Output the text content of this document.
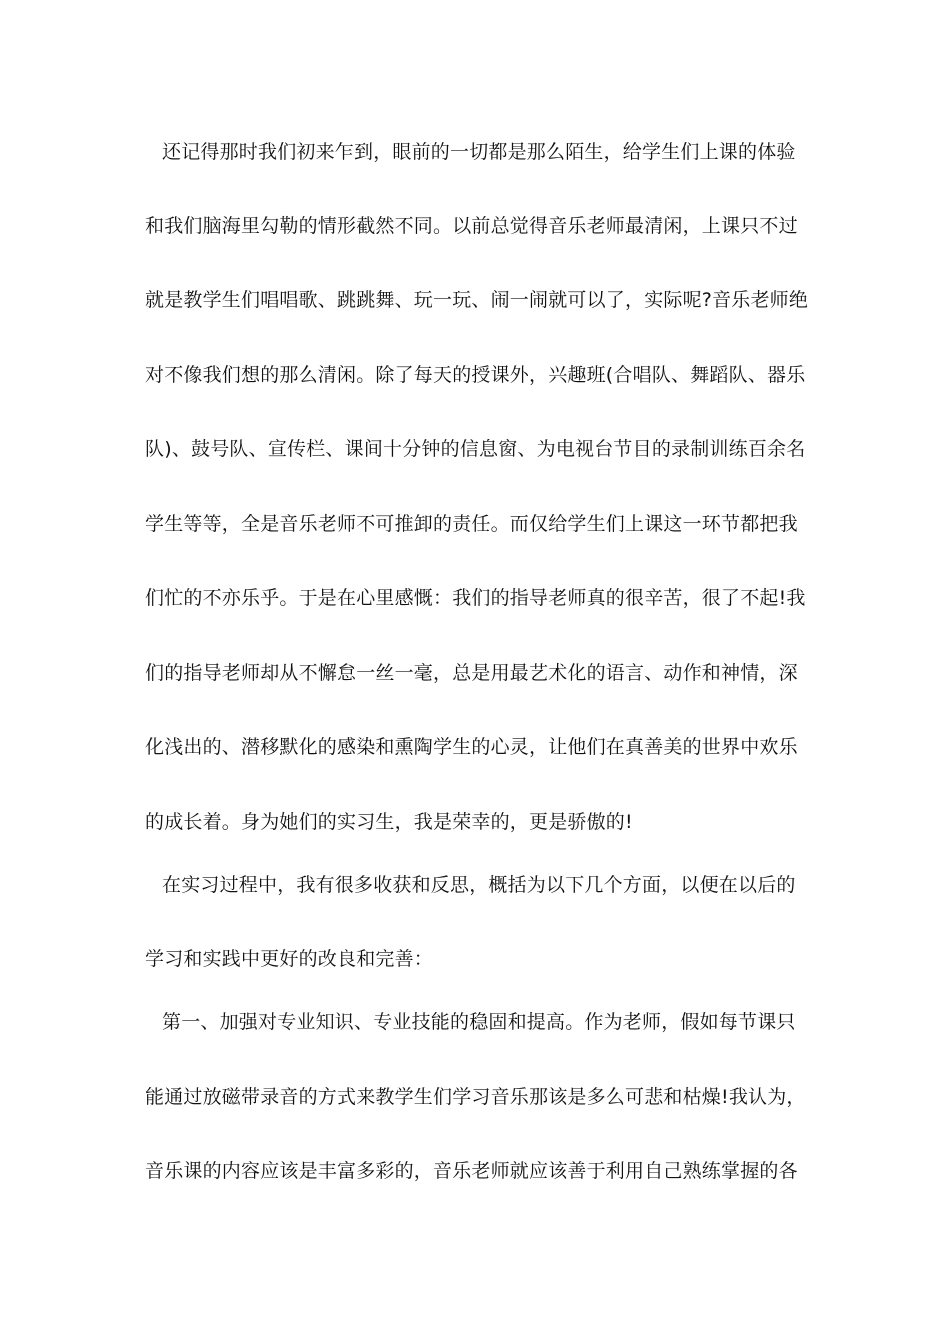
还记得那时我们初来乍到，眼前的一切都是那么陌生，给学生们上课的体验
和我们脑海里勾勒的情形截然不同。以前总觉得音乐老师最清闲，上课只不过
就是教学生们唱唱歌、跳跳舞、玩一玩、闹一闹就可以了，实际呢?音乐老师绝
对不像我们想的那么清闲。除了每天的授课外，兴趣班(合唱队、舞蹈队、器乐
队)、鼓号队、宣传栏、课间十分钟的信息窗、为电视台节目的录制训练百余名
学生等等，全是音乐老师不可推卸的责任。而仅给学生们上课这一环节都把我
们忙的不亦乐乎。于是在心里感慨：我们的指导老师真的很辛苦，很了不起!我
们的指导老师却从不懈怠一丝一毫，总是用最艺术化的语言、动作和神情，深
化浅出的、潜移默化的感染和熏陶学生的心灵，让他们在真善美的世界中欢乐
的成长着。身为她们的实习生，我是荣幸的，更是骄傲的!
在实习过程中，我有很多收获和反思，概括为以下几个方面，以便在以后的
学习和实践中更好的改良和完善：
第一、加强对专业知识、专业技能的稳固和提高。作为老师，假如每节课只
能通过放磁带录音的方式来教学生们学习音乐那该是多么可悲和枯燥!我认为，
音乐课的内容应该是丰富多彩的，音乐老师就应该善于利用自己熟练掌握的各
